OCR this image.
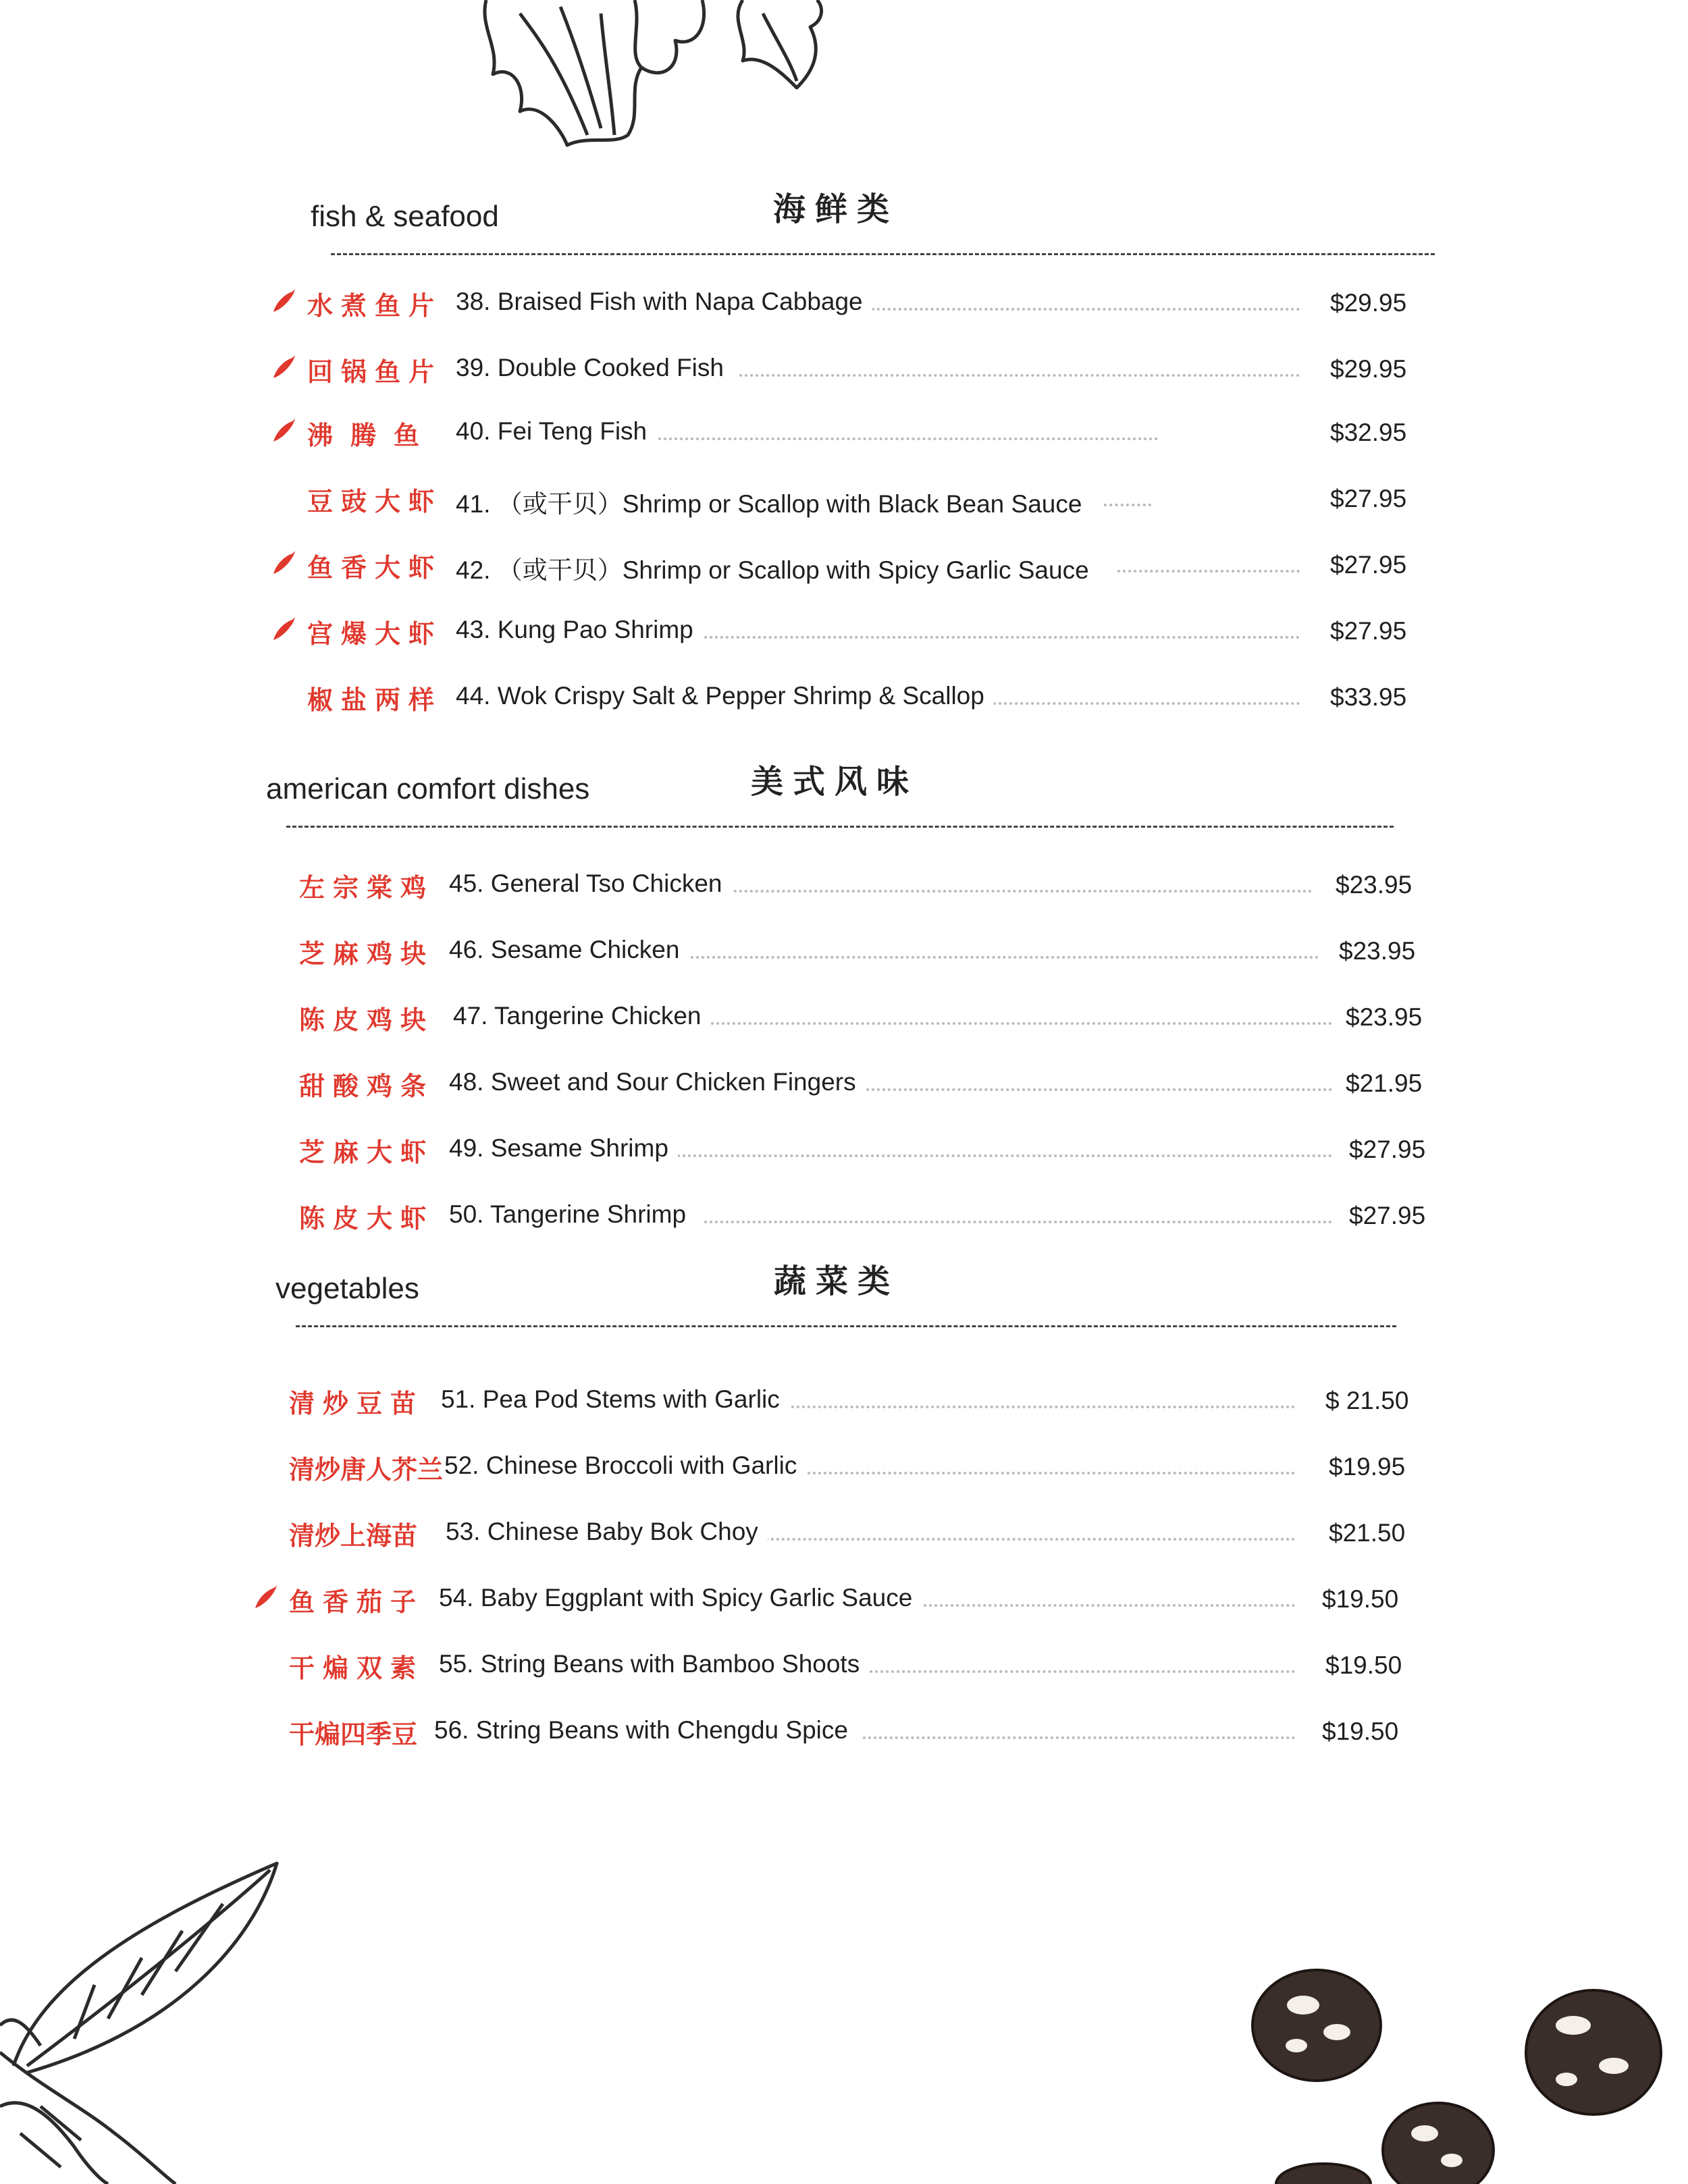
fish & seafood	海鲜类
水煮鱼片 38. Braised Fish with Napa Cabbage	$29.95
回锅鱼片 39. Double Cooked Fish	$29.95
沸腾鱼 40. Fei Teng Fish	$32.95
豆豉大虾 41. （或干贝）Shrimp or Scallop with Black Bean Sauce	$27.95
鱼香大虾 42. （或干贝）Shrimp or Scallop with Spicy Garlic Sauce	$27.95
宫爆大虾 43. Kung Pao Shrimp	$27.95
椒盐两样 44. Wok Crispy Salt & Pepper Shrimp & Scallop	$33.95
american comfort dishes	美式风味
左宗棠鸡 45. General Tso Chicken	$23.95
芝麻鸡块 46. Sesame Chicken	$23.95
陈皮鸡块 47. Tangerine Chicken	$23.95
甜酸鸡条 48. Sweet and Sour Chicken Fingers	$21.95
芝麻大虾 49. Sesame Shrimp	$27.95
陈皮大虾 50. Tangerine Shrimp	$27.95
vegetables	蔬菜类
清炒豆苗 51. Pea Pod Stems with Garlic	$ 21.50
清炒唐人芥兰 52. Chinese Broccoli with Garlic	$19.95
清炒上海苗 53. Chinese Baby Bok Choy	$21.50
鱼香茄子 54. Baby Eggplant with Spicy Garlic Sauce	$19.50
干煸双素 55. String Beans with Bamboo Shoots	$19.50
干煸四季豆 56. String Beans with Chengdu Spice	$19.50
